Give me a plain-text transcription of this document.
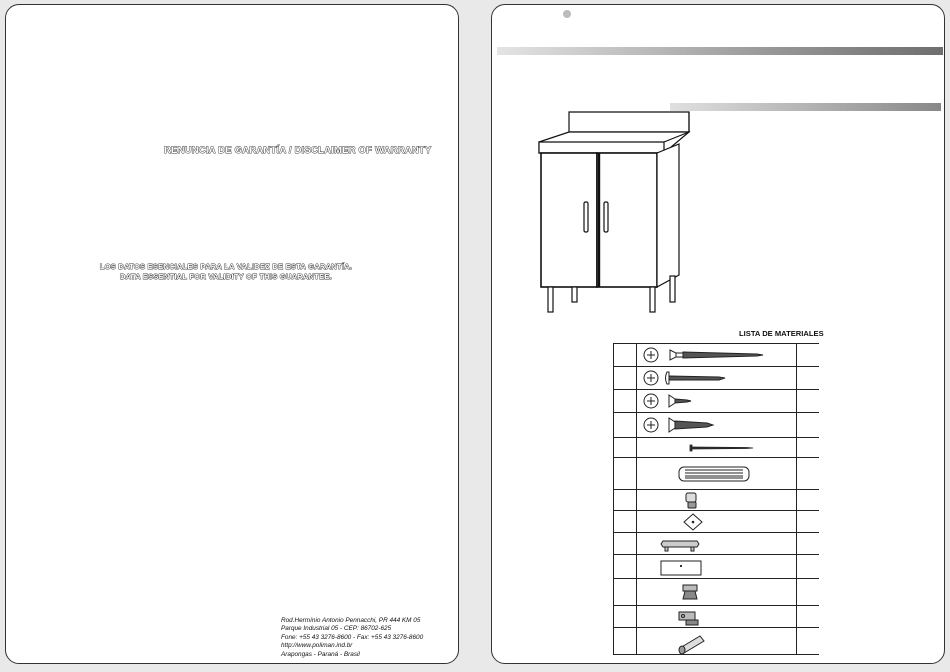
RENUNCIA DE GARANTÍA / DISCLAIMER OF WARRANTY
LOS DATOS ESENCIALES PARA LA VALIDEZ DE ESTA GARANTÍA.
DATA ESSENTIAL FOR VALIDITY OF THIS GUARANTEE.
Rod.Hermínio Antonio Pennacchi, PR 444 KM 05
Parque Industrial 05 - CEP: 86702-625
Fone: +55 43 3276-8600 - Fax: +55 43 3276-8600
http://www.poliman.ind.br
Arapongas - Paraná - Brasil
LISTA DE MATERIALES
